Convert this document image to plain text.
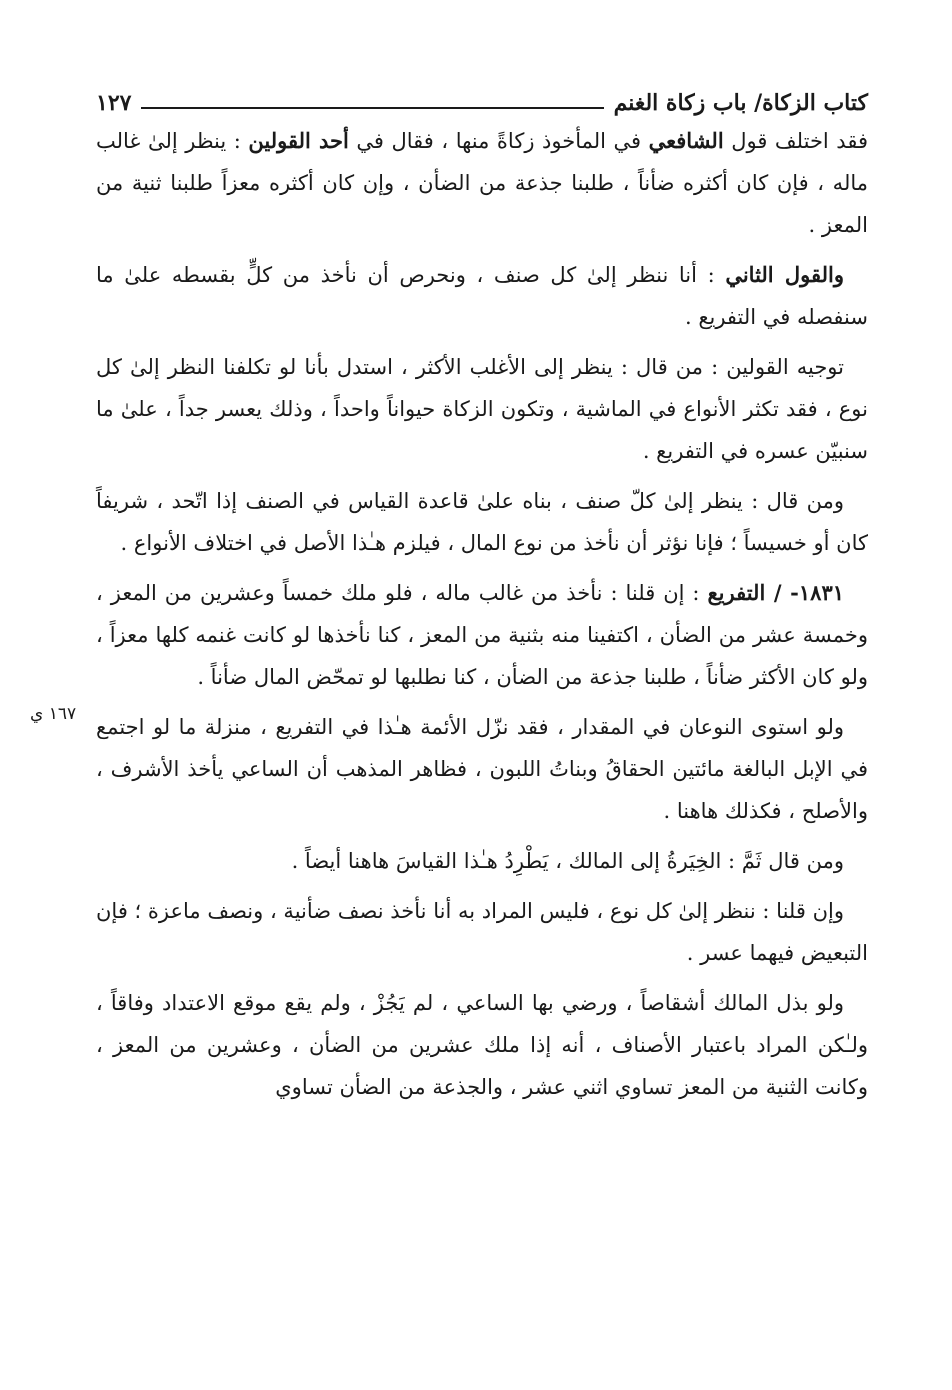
كتاب الزكاة/ باب زكاة الغنم
١٢٧

فقد اختلف قول الشافعي في المأخوذ زكاةً منها ، فقال في أحد القولين : ينظر إلىٰ غالب ماله ، فإن كان أكثره ضأناً ، طلبنا جذعة من الضأن ، وإن كان أكثره معزاً طلبنا ثنية من المعز .

والقول الثاني : أنا ننظر إلىٰ كل صنف ، ونحرص أن نأخذ من كلٍّ بقسطه علىٰ ما سنفصله في التفريع .

توجيه القولين : من قال : ينظر إلى الأغلب الأكثر ، استدل بأنا لو تكلفنا النظر إلىٰ كل نوع ، فقد تكثر الأنواع في الماشية ، وتكون الزكاة حيواناً واحداً ، وذلك يعسر جداً ، علىٰ ما سنبيّن عسره في التفريع .

ومن قال : ينظر إلىٰ كلّ صنف ، بناه علىٰ قاعدة القياس في الصنف إذا اتّحد ، شريفاً كان أو خسيساً ؛ فإنا نؤثر أن نأخذ من نوع المال ، فيلزم هـٰذا الأصل في اختلاف الأنواع .

١٨٣١- / التفريع : إن قلنا : نأخذ من غالب ماله ، فلو ملك خمساً وعشرين من المعز ، وخمسة عشر من الضأن ، اكتفينا منه بثنية من المعز ، كنا نأخذها لو كانت غنمه كلها معزاً ، ولو كان الأكثر ضأناً ، طلبنا جذعة من الضأن ، كنا نطلبها لو تمحّض المال ضأناً .

ولو استوى النوعان في المقدار ، فقد نزّل الأئمة هـٰذا في التفريع ، منزلة ما لو اجتمع في الإبل البالغة مائتين الحقاقُ وبناتُ اللبون ، فظاهر المذهب أن الساعي يأخذ الأشرف ، والأصلح ، فكذلك هاهنا .

ومن قال ثَمَّ : الخِيَرةُ إلى المالك ، يَطْرِدُ هـٰذا القياسَ هاهنا أيضاً .

وإن قلنا : ننظر إلىٰ كل نوع ، فليس المراد به أنا نأخذ نصف ضأنية ، ونصف ماعزة ؛ فإن التبعيض فيهما عسر .

ولو بذل المالك أشقاصاً ، ورضي بها الساعي ، لم يَجُزْ ، ولم يقع موقع الاعتداد وفاقاً ، ولـٰكن المراد باعتبار الأصناف ، أنه إذا ملك عشرين من الضأن ، وعشرين من المعز ، وكانت الثنية من المعز تساوي اثني عشر ، والجذعة من الضأن تساوي

١٦٧ ي
